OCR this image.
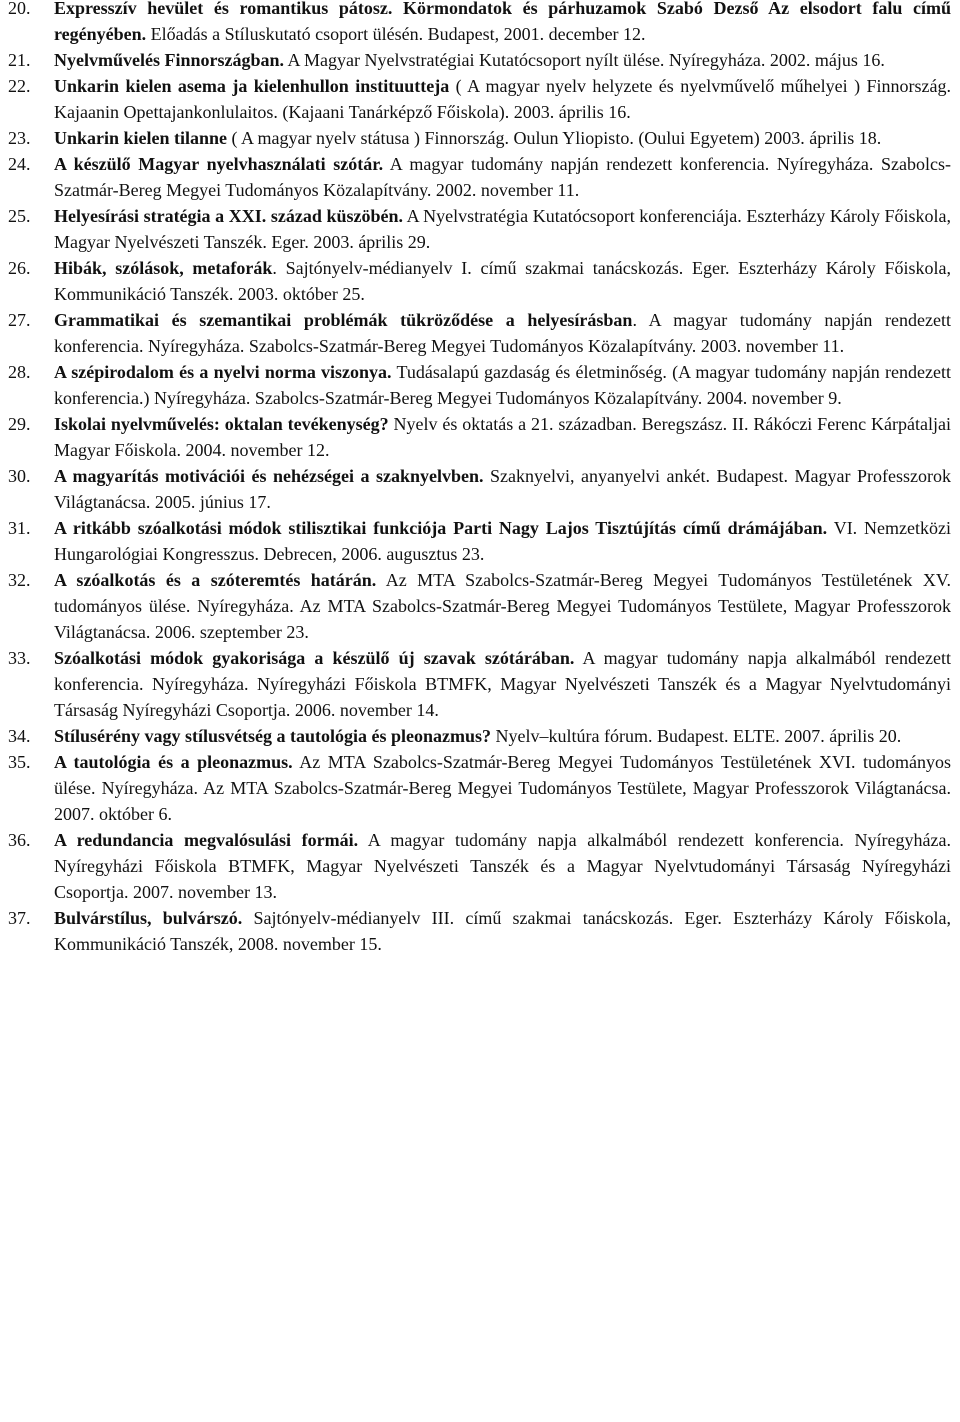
20. Expresszív hevület és romantikus pátosz. Körmondatok és párhuzamok Szabó Dezső Az elsodort falu című regényében. Előadás a Stíluskutató csoport ülésén. Budapest, 2001. december 12.

21. Nyelvművelés Finnországban. A Magyar Nyelvstratégiai Kutatócsoport nyílt ülése. Nyíregyháza. 2002. május 16.

22. Unkarin kielen asema ja kielenhullon instituutteja ( A magyar nyelv helyzete és nyelvművelő műhelyei ) Finnország. Kajaanin Opettajankonlulaitos. (Kajaani Tanárképző Főiskola). 2003. április 16.

23. Unkarin kielen tilanne ( A magyar nyelv státusa ) Finnország. Oulun Yliopisto. (Oului Egyetem) 2003. április 18.

24. A készülő Magyar nyelvhasználati szótár. A magyar tudomány napján rendezett konferencia. Nyíregyháza. Szabolcs-Szatmár-Bereg Megyei Tudományos Közalapítvány. 2002. november 11.

25. Helyesírási stratégia a XXI. század küszöbén. A Nyelvstratégia Kutatócsoport konferenciája. Eszterházy Károly Főiskola, Magyar Nyelvészeti Tanszék. Eger. 2003. április 29.

26. Hibák, szólások, metaforák. Sajtónyelv-médianyelv I. című szakmai tanácskozás. Eger. Eszterházy Károly Főiskola, Kommunikáció Tanszék. 2003. október 25.

27. Grammatikai és szemantikai problémák tükröződése a helyesírásban. A magyar tudomány napján rendezett konferencia. Nyíregyháza. Szabolcs-Szatmár-Bereg Megyei Tudományos Közalapítvány. 2003. november 11.

28. A szépirodalom és a nyelvi norma viszonya. Tudásalapú gazdaság és életminőség. (A magyar tudomány napján rendezett konferencia.) Nyíregyháza. Szabolcs-Szatmár-Bereg Megyei Tudományos Közalapítvány. 2004. november 9.

29. Iskolai nyelvművelés: oktalan tevékenység? Nyelv és oktatás a 21. században. Beregszász. II. Rákóczi Ferenc Kárpátaljai Magyar Főiskola. 2004. november 12.

30. A magyarítás motivációi és nehézségei a szaknyelvben. Szaknyelvi, anyanyelvi ankét. Budapest. Magyar Professzorok Világtanácsa. 2005. június 17.

31. A ritkább szóalkotási módok stilisztikai funkciója Parti Nagy Lajos Tisztújítás című drámájában. VI. Nemzetközi Hungarológiai Kongresszus. Debrecen, 2006. augusztus 23.

32. A szóalkotás és a szóteremtés határán. Az MTA Szabolcs-Szatmár-Bereg Megyei Tudományos Testületének XV. tudományos ülése. Nyíregyháza. Az MTA Szabolcs-Szatmár-Bereg Megyei Tudományos Testülete, Magyar Professzorok Világtanácsa. 2006. szeptember 23.

33. Szóalkotási módok gyakorisága a készülő új szavak szótárában. A magyar tudomány napja alkalmából rendezett konferencia. Nyíregyháza. Nyíregyházi Főiskola BTMFK, Magyar Nyelvészeti Tanszék és a Magyar Nyelvtudományi Társaság Nyíregyházi Csoportja. 2006. november 14.

34. Stílusérény vagy stílusvétség a tautológia és pleonazmus? Nyelv–kultúra fórum. Budapest. ELTE. 2007. április 20.

35. A tautológia és a pleonazmus. Az MTA Szabolcs-Szatmár-Bereg Megyei Tudományos Testületének XVI. tudományos ülése. Nyíregyháza. Az MTA Szabolcs-Szatmár-Bereg Megyei Tudományos Testülete, Magyar Professzorok Világtanácsa. 2007. október 6.

36. A redundancia megvalósulási formái. A magyar tudomány napja alkalmából rendezett konferencia. Nyíregyháza. Nyíregyházi Főiskola BTMFK, Magyar Nyelvészeti Tanszék és a Magyar Nyelvtudományi Társaság Nyíregyházi Csoportja. 2007. november 13.

37. Bulvárstílus, bulvárszó. Sajtónyelv-médianyelv III. című szakmai tanácskozás. Eger. Eszterházy Károly Főiskola, Kommunikáció Tanszék, 2008. november 15.
